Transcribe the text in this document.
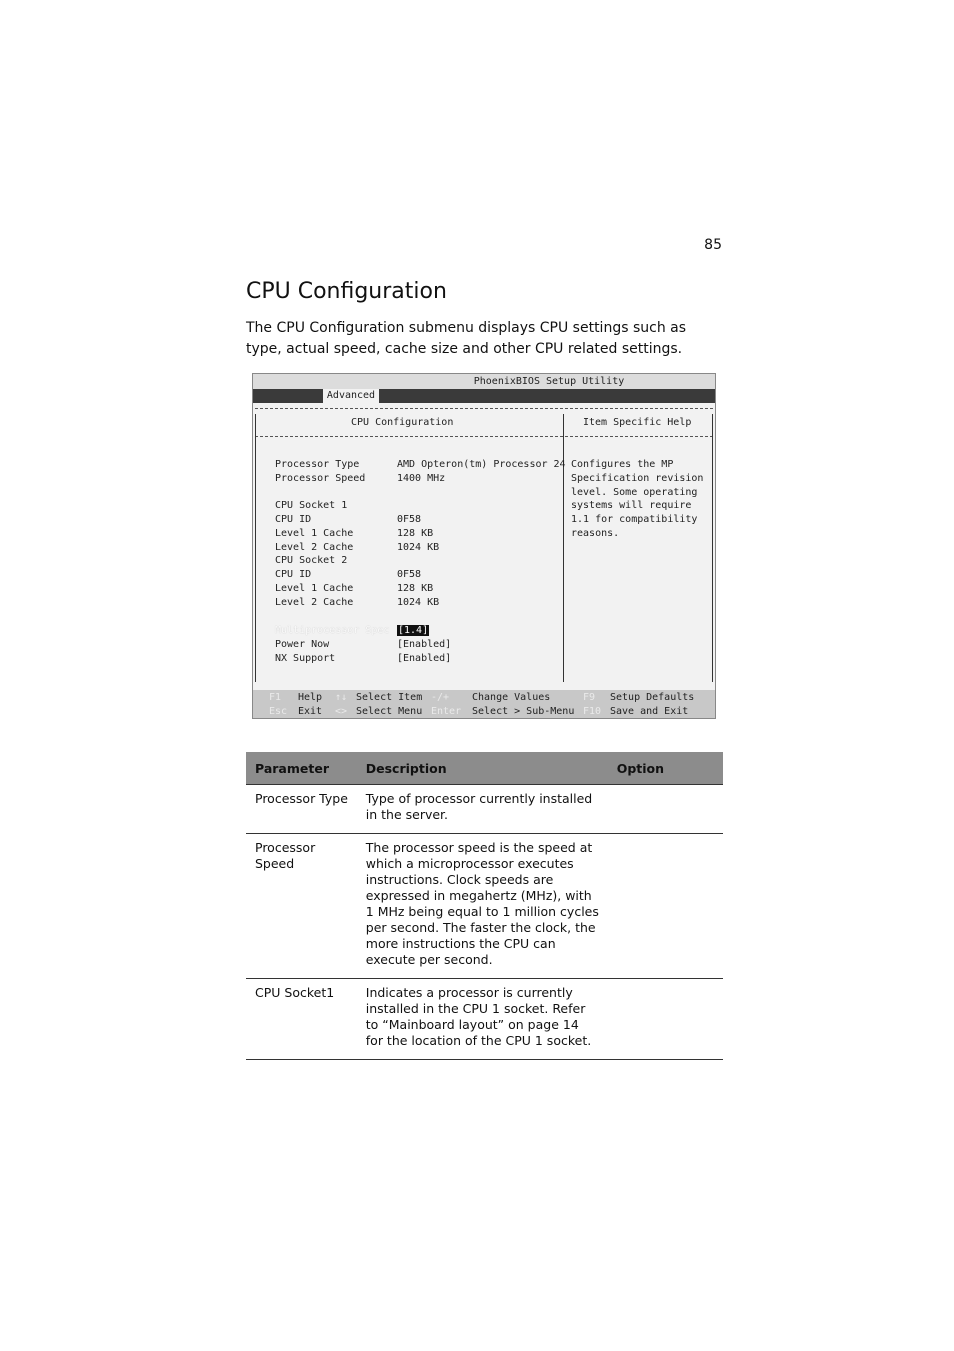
85
CPU Configuration

The CPU Configuration submenu displays CPU settings such as type, actual speed, cache size and other CPU related settings.

PhoenixBIOS Setup Utility
Advanced
CPU Configuration	Item Specific Help
Processor Type	AMD Opteron(tm) Processor 24
Processor Speed	1400 MHz
CPU Socket 1
CPU ID	0F58
Level 1 Cache	128 KB
Level 2 Cache	1024 KB
CPU Socket 2
CPU ID	0F58
Level 1 Cache	128 KB
Level 2 Cache	1024 KB
Multiprocessor Spec [1.4]
Power Now	[Enabled]
NX Support	[Enabled]
Configures the MP
Specification revision
level. Some operating
systems will require
1.1 for compatibility
reasons.
F1 Help ↑↓ Select Item -/+ Change Values	F9 Setup Defaults
Esc Exit <> Select Menu Enter Select > Sub-Menu F10 Save and Exit
Parameter	Description	Option
Processor Type	Type of processor currently installed in the server.	
Processor Speed	The processor speed is the speed at which a microprocessor executes instructions. Clock speeds are expressed in megahertz (MHz), with 1 MHz being equal to 1 million cycles per second. The faster the clock, the more instructions the CPU can execute per second.	
CPU Socket1	Indicates a processor is currently installed in the CPU 1 socket. Refer to “Mainboard layout” on page 14 for the location of the CPU 1 socket.	
